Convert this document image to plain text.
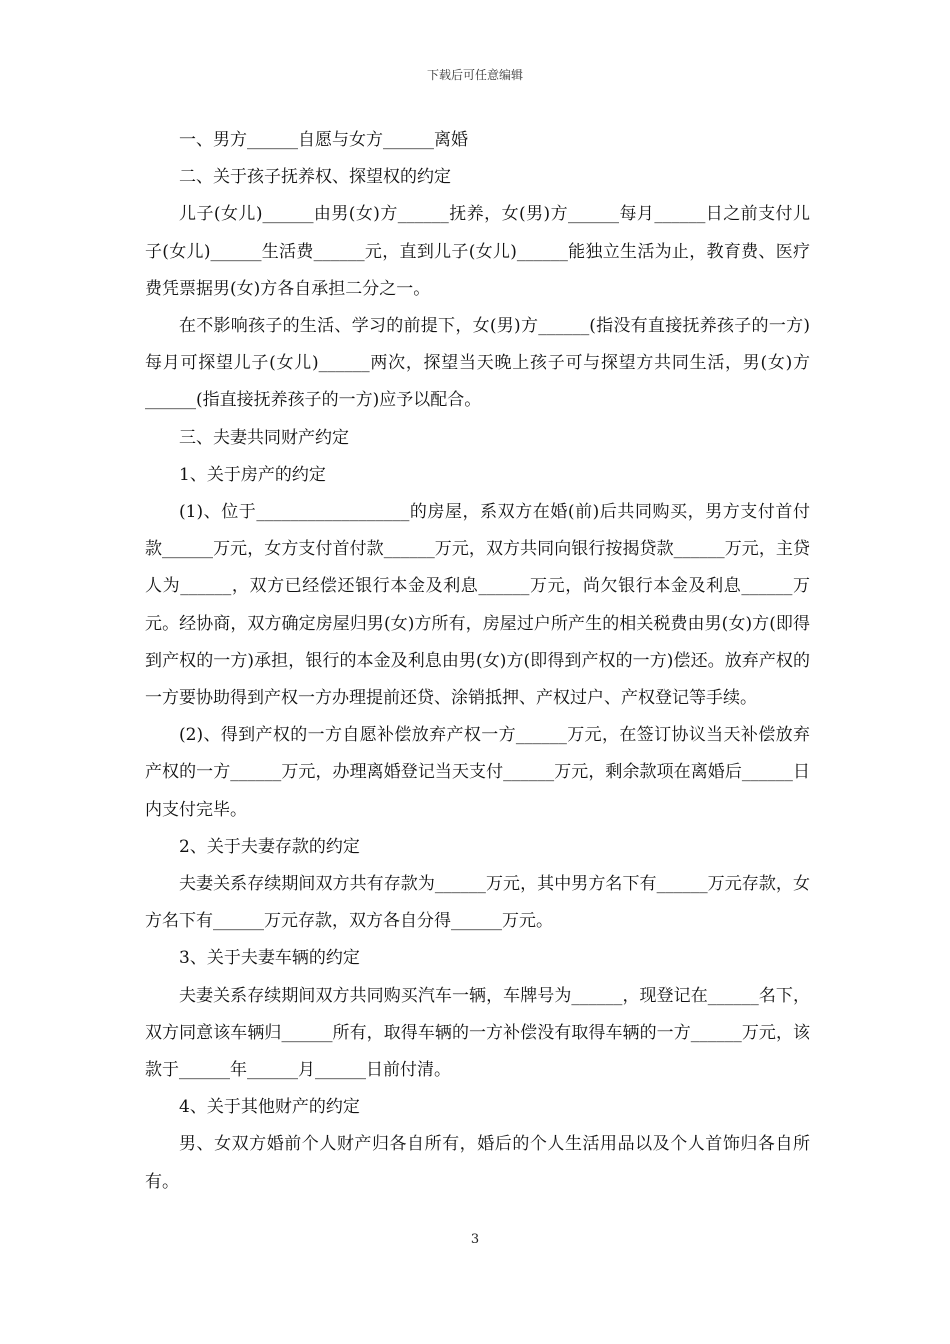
下载后可任意编辑

一、男方______自愿与女方______离婚

二、关于孩子抚养权、探望权的约定

儿子(女儿)______由男(女)方______抚养，女(男)方______每月______日之前支付儿子(女儿)______生活费______元，直到儿子(女儿)______能独立生活为止，教育费、医疗费凭票据男(女)方各自承担二分之一。

在不影响孩子的生活、学习的前提下，女(男)方______(指没有直接抚养孩子的一方)每月可探望儿子(女儿)______两次，探望当天晚上孩子可与探望方共同生活，男(女)方______(指直接抚养孩子的一方)应予以配合。

三、夫妻共同财产约定

1、关于房产的约定

(1)、位于__________________的房屋，系双方在婚(前)后共同购买，男方支付首付款______万元，女方支付首付款______万元，双方共同向银行按揭贷款______万元，主贷人为______，双方已经偿还银行本金及利息______万元，尚欠银行本金及利息______万元。经协商，双方确定房屋归男(女)方所有，房屋过户所产生的相关税费由男(女)方(即得到产权的一方)承担，银行的本金及利息由男(女)方(即得到产权的一方)偿还。放弃产权的一方要协助得到产权一方办理提前还贷、涂销抵押、产权过户、产权登记等手续。

(2)、得到产权的一方自愿补偿放弃产权一方______万元，在签订协议当天补偿放弃产权的一方______万元，办理离婚登记当天支付______万元，剩余款项在离婚后______日内支付完毕。

2、关于夫妻存款的约定

夫妻关系存续期间双方共有存款为______万元，其中男方名下有______万元存款，女方名下有______万元存款，双方各自分得______万元。

3、关于夫妻车辆的约定

夫妻关系存续期间双方共同购买汽车一辆，车牌号为______，现登记在______名下，双方同意该车辆归______所有，取得车辆的一方补偿没有取得车辆的一方______万元，该款于______年______月______日前付清。

4、关于其他财产的约定

男、女双方婚前个人财产归各自所有，婚后的个人生活用品以及个人首饰归各自所有。

3
